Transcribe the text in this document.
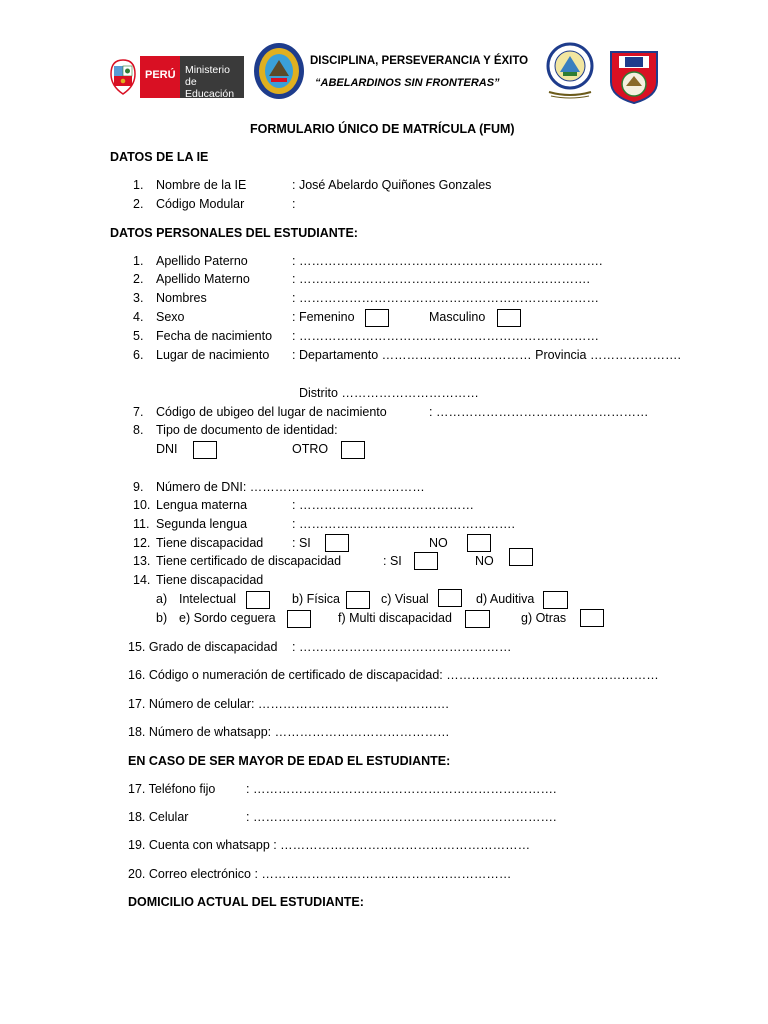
PERÚ Ministerio
de Educación
DISCIPLINA, PERSEVERANCIA Y ÉXITO
“ABELARDINOS SIN FRONTERAS”
FORMULARIO ÚNICO DE MATRÍCULA (FUM)
DATOS DE LA IE
1. Nombre de la IE	: José Abelardo Quiñones Gonzales
2. Código Modular	:
DATOS PERSONALES DEL ESTUDIANTE:
1. Apellido Paterno	: ……………………………………………………………….
2. Apellido Materno	: …………………………………………………………….
3. Nombres	: ………………………………………………………………
4. Sexo	: Femenino	Masculino
5. Fecha de nacimiento : ………………………………………………………………
6. Lugar de nacimiento : Departamento ……………………………… Provincia ………………….
Distrito ……………………………
7. Código de ubigeo del lugar de nacimiento	: ……………………………………………
8. Tipo de documento de identidad:
DNI	OTRO
9. Número de DNI: ……………………………………
10. Lengua materna	: ……………………………………
11. Segunda lengua	: …………………………………………….
12. Tiene discapacidad : SI	NO
13. Tiene certificado de discapacidad	: SI	NO
14. Tiene discapacidad
a) Intelectual	b) Física	c) Visual	d) Auditiva
b) e) Sordo ceguera	f) Multi discapacidad	g) Otras
15. Grado de discapacidad : ……………………………………………
16. Código o numeración de certificado de discapacidad: ……………………………………………
17. Número de celular: ……………………………………….
18. Número de whatsapp: ……………………………………
EN CASO DE SER MAYOR DE EDAD EL ESTUDIANTE:
17. Teléfono fijo : ……………………………………………………………….
18. Celular	: ……………………………………………………………….
19. Cuenta con whatsapp : ……………………………………………………
20. Correo electrónico : ……………………………………………………
DOMICILIO ACTUAL DEL ESTUDIANTE:
